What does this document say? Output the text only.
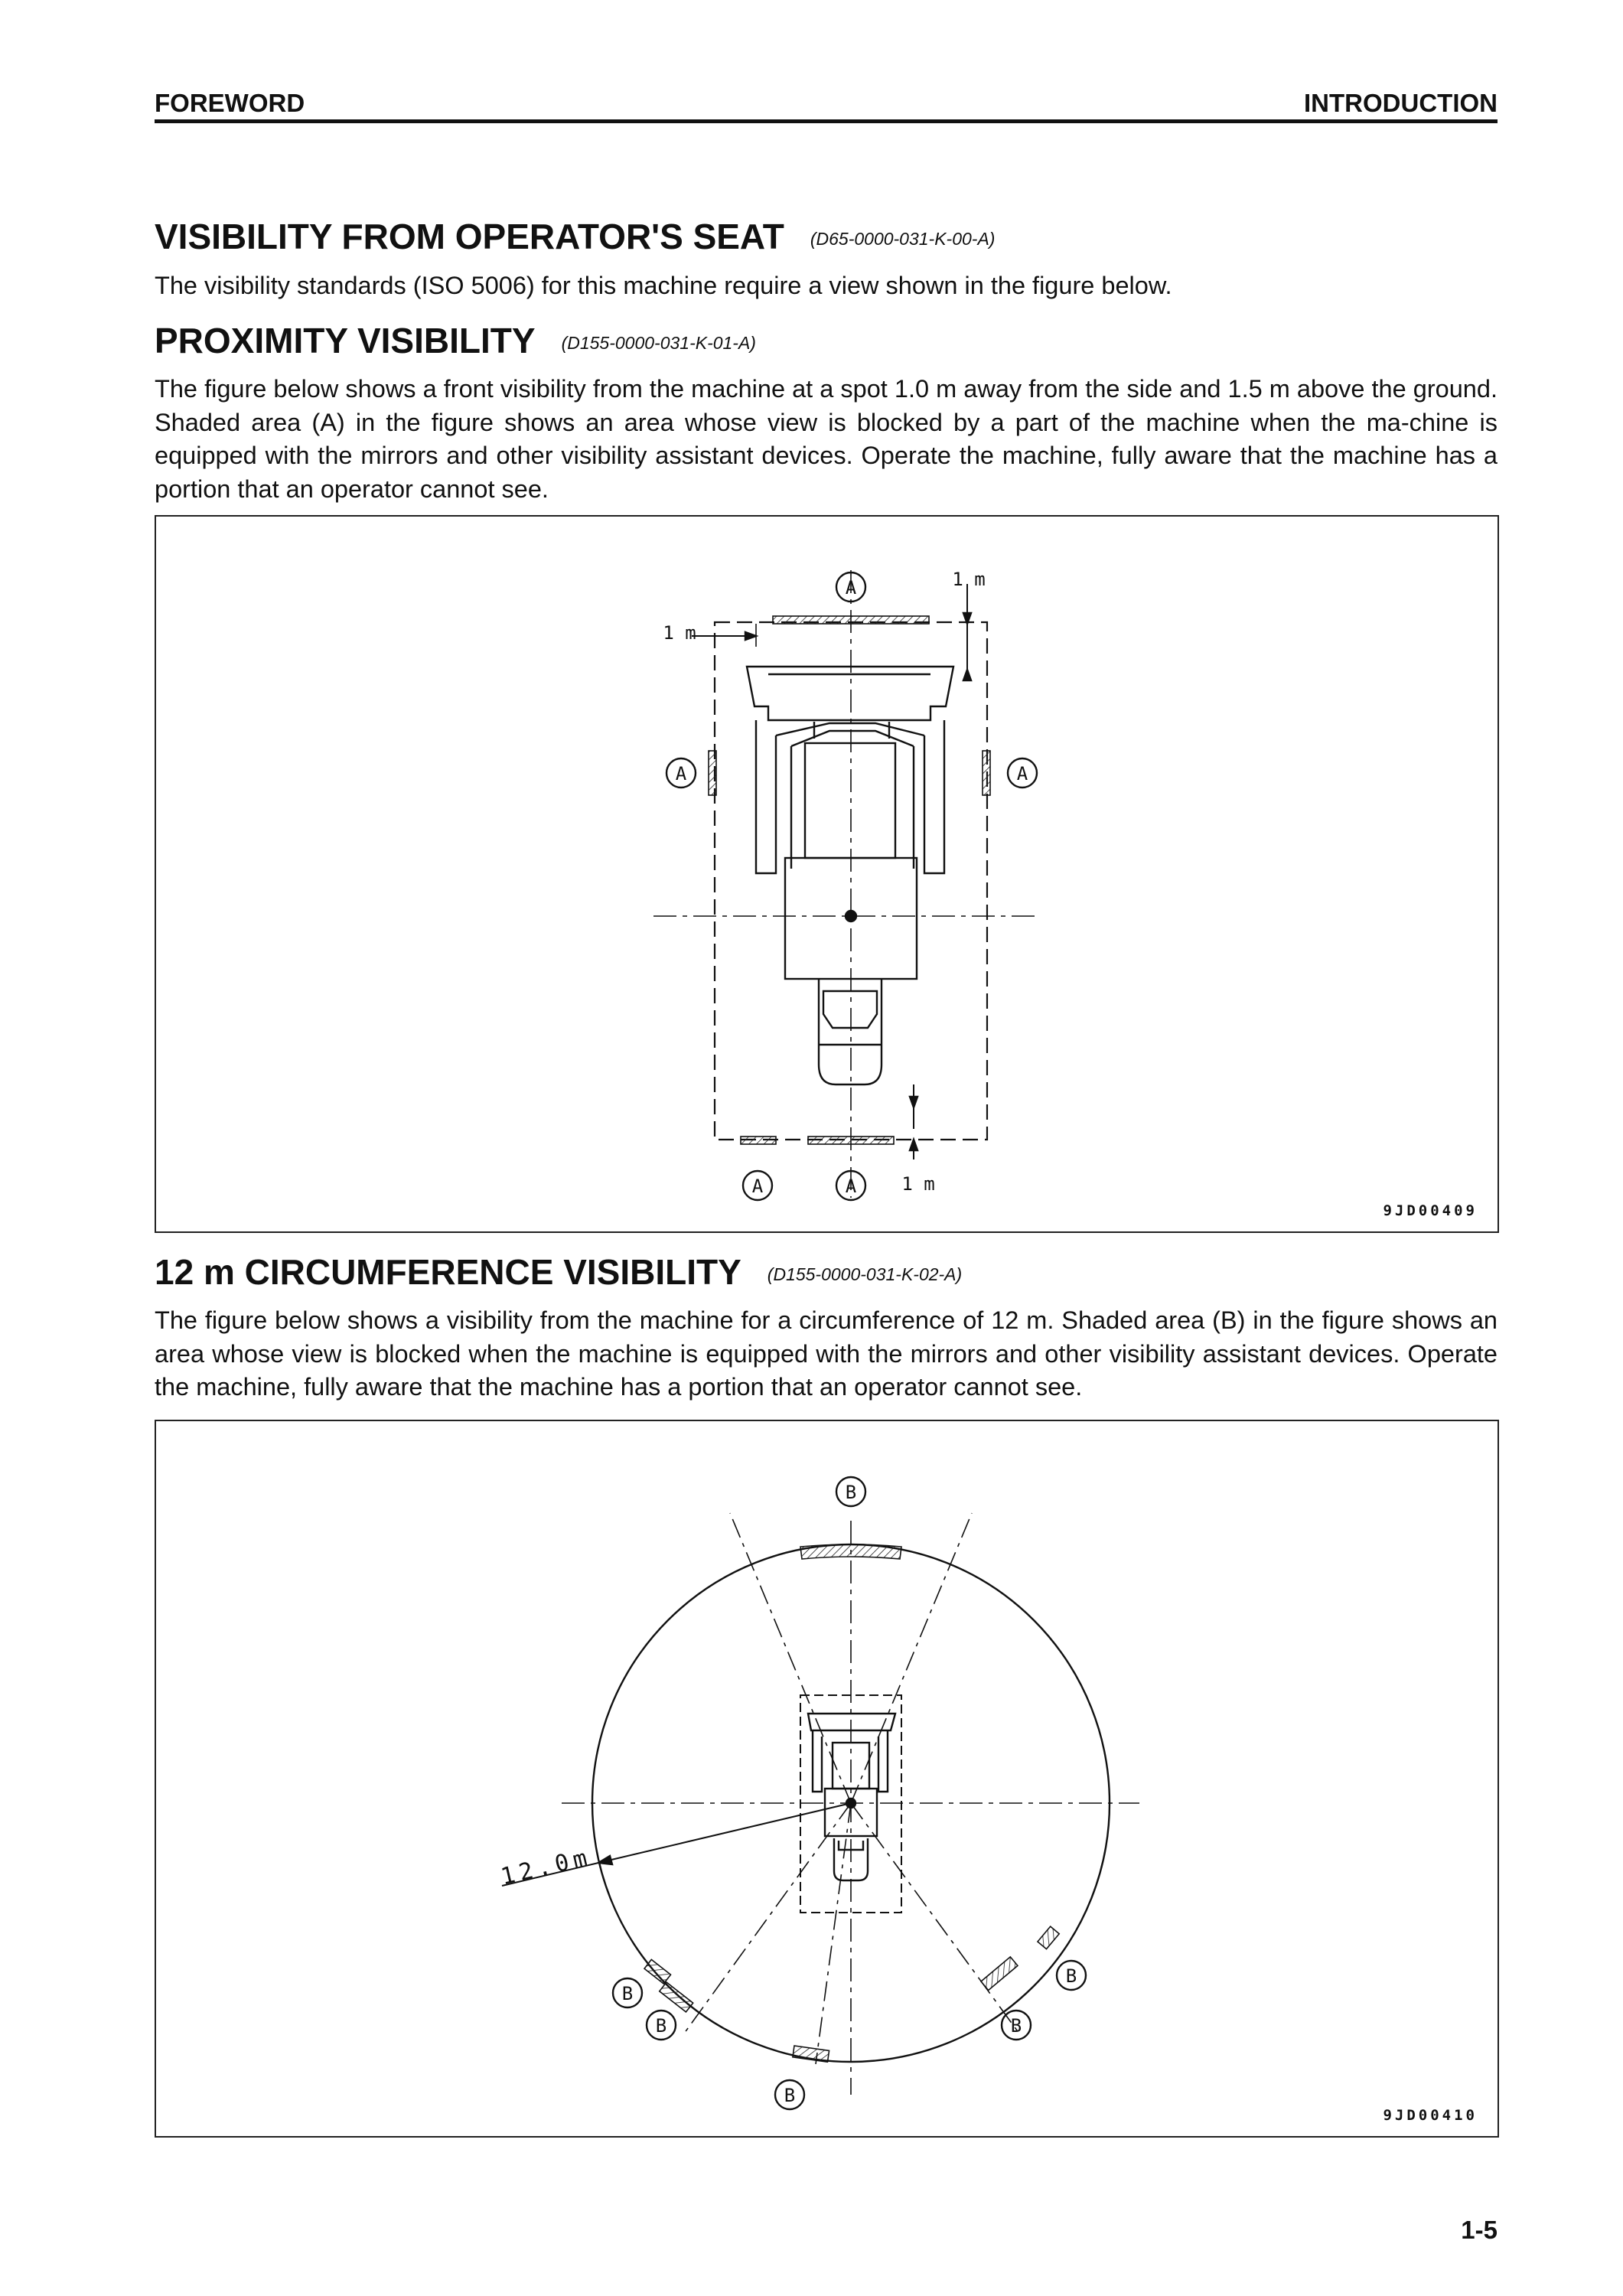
FOREWORD	INTRODUCTION
VISIBILITY FROM OPERATOR'S SEAT (D65-0000-031-K-00-A)

The visibility standards (ISO 5006) for this machine require a view shown in the figure below.

PROXIMITY VISIBILITY (D155-0000-031-K-01-A)

The figure below shows a front visibility from the machine at a spot 1.0 m away from the side and 1.5 m above the ground. Shaded area (A) in the figure shows an area whose view is blocked by a part of the machine when the ma-chine is equipped with the mirrors and other visibility assistant devices. Operate the machine, fully aware that the machine has a portion that an operator cannot see.

A
A	A
A	A
1 m
1 m
1 m
9JD00409
12 m CIRCUMFERENCE VISIBILITY (D155-0000-031-K-02-A)

The figure below shows a visibility from the machine for a circumference of 12 m. Shaded area (B) in the figure shows an area whose view is blocked when the machine is equipped with the mirrors and other visibility assistant devices. Operate the machine, fully aware that the machine has a portion that an operator cannot see.

B
B
B
B
B
B
12.0m
9JD00410
1-5
